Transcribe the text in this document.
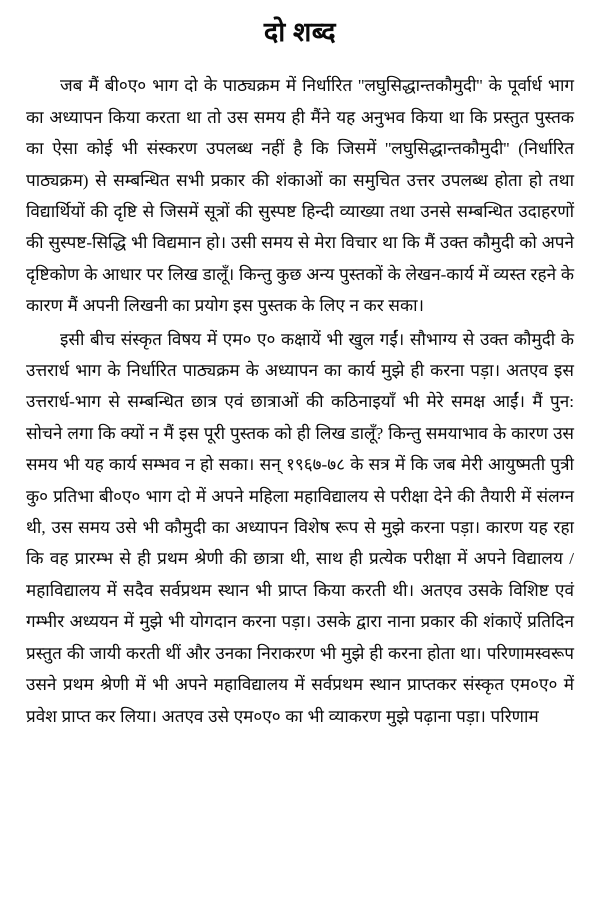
दो शब्द

जब मैं बी०ए० भाग दो के पाठ्यक्रम में निर्धारित ''लघुसिद्धान्तकौमुदी'' के पूर्वार्ध भाग का अध्यापन किया करता था तो उस समय ही मैंने यह अनुभव किया था कि प्रस्तुत पुस्तक का ऐसा कोई भी संस्करण उपलब्ध नहीं है कि जिसमें ''लघुसिद्धान्तकौमुदी'' (निर्धारित पाठ्यक्रम) से सम्बन्धित सभी प्रकार की शंकाओं का समुचित उत्तर उपलब्ध होता हो तथा विद्यार्थियों की दृष्टि से जिसमें सूत्रों की सुस्पष्ट हिन्दी व्याख्या तथा उनसे सम्बन्धित उदाहरणों की सुस्पष्ट-सिद्धि भी विद्यमान हो। उसी समय से मेरा विचार था कि मैं उक्त कौमुदी को अपने दृष्टिकोण के आधार पर लिख डालूँ। किन्तु कुछ अन्य पुस्तकों के लेखन-कार्य में व्यस्त रहने के कारण मैं अपनी लिखनी का प्रयोग इस पुस्तक के लिए न कर सका।

इसी बीच संस्कृत विषय में एम० ए० कक्षायें भी खुल गईं। सौभाग्य से उक्त कौमुदी के उत्तरार्ध भाग के निर्धारित पाठ्यक्रम के अध्यापन का कार्य मुझे ही करना पड़ा। अतएव इस उत्तरार्ध-भाग से सम्बन्धित छात्र एवं छात्राओं की कठिनाइयाँ भी मेरे समक्ष आईं। मैं पुन: सोचने लगा कि क्यों न मैं इस पूरी पुस्तक को ही लिख डालूँ? किन्तु समयाभाव के कारण उस समय भी यह कार्य सम्भव न हो सका। सन् १९६७-७८ के सत्र में कि जब मेरी आयुष्मती पुत्री कु० प्रतिभा बी०ए० भाग दो में अपने महिला महाविद्यालय से परीक्षा देने की तैयारी में संलग्न थी, उस समय उसे भी कौमुदी का अध्यापन विशेष रूप से मुझे करना पड़ा। कारण यह रहा कि वह प्रारम्भ से ही प्रथम श्रेणी की छात्रा थी, साथ ही प्रत्येक परीक्षा में अपने विद्यालय / महाविद्यालय में सदैव सर्वप्रथम स्थान भी प्राप्त किया करती थी। अतएव उसके विशिष्ट एवं गम्भीर अध्ययन में मुझे भी योगदान करना पड़ा। उसके द्वारा नाना प्रकार की शंकाऐं प्रतिदिन प्रस्तुत की जायी करती थीं और उनका निराकरण भी मुझे ही करना होता था। परिणामस्वरूप उसने प्रथम श्रेणी में भी अपने महाविद्यालय में सर्वप्रथम स्थान प्राप्तकर संस्कृत एम०ए० में प्रवेश प्राप्त कर लिया। अतएव उसे एम०ए० का भी व्याकरण मुझे पढ़ाना पड़ा। परिणाम
